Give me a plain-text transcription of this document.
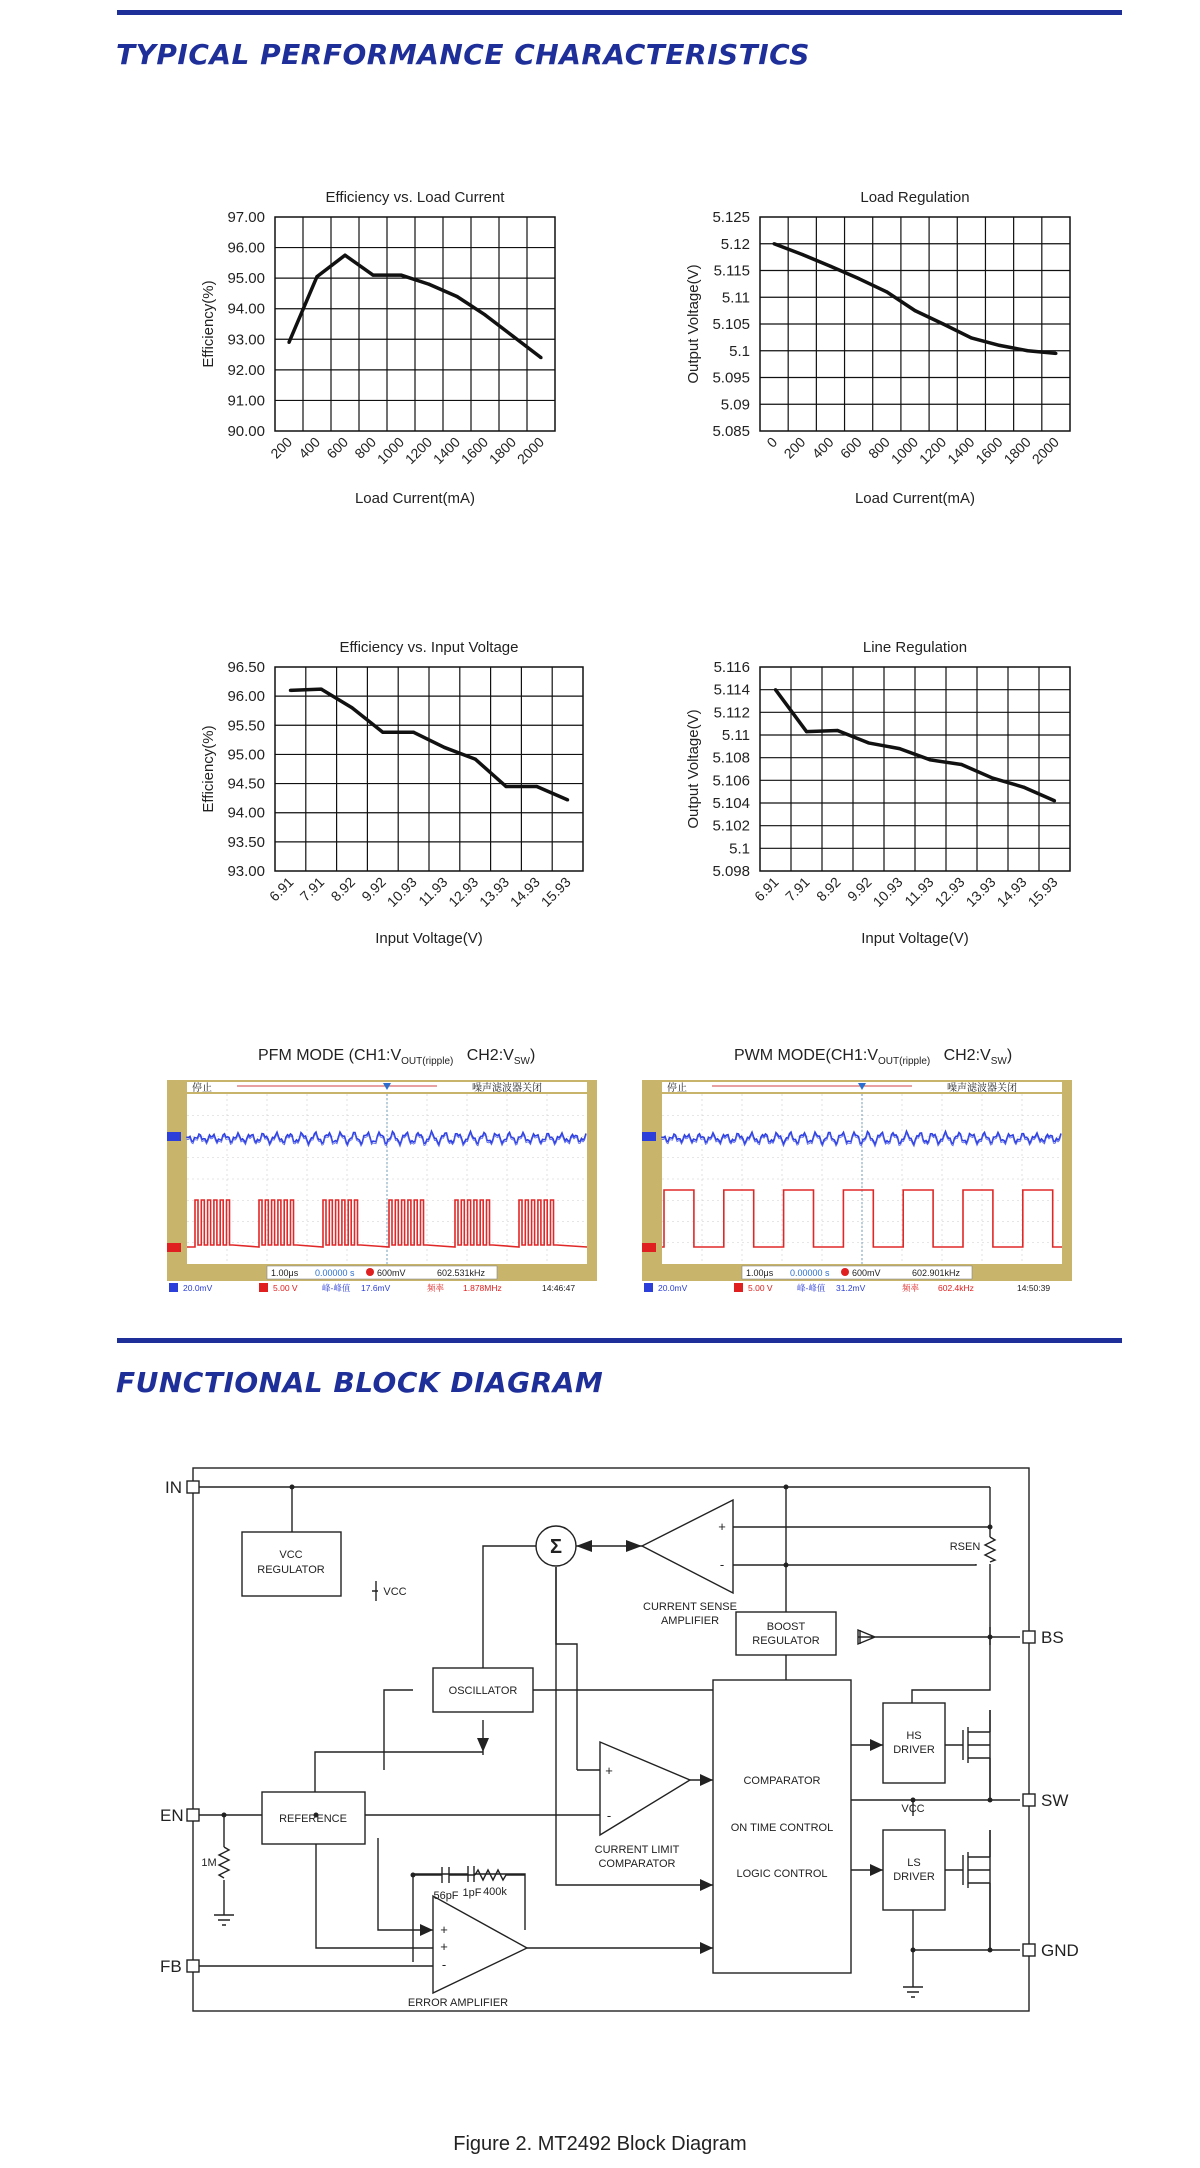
TYPICAL PERFORMANCE CHARACTERISTICS
Efficiency vs. Load Current
97.00
96.00
95.00
94.00
93.00
92.00
91.00
90.00
200 400 600 800
1000
1200
1400
1600
1800
2000
Load Current(mA)
Efficiency(%)
Load Regulation
5.125
5.12
5.115
5.11
5.105
5.1
5.095
5.09
5.085
0 200 400 600 800
1000
1200
1400
1600
1800
2000
Load Current(mA)
Output Voltage(V)
Efficiency vs. Input Voltage
96.50
96.00
95.50
95.00
94.50
94.00
93.50
93.00
6.91 7.91 8.92 9.92
10.93
11.93
12.93
13.93
14.93
15.93
Input Voltage(V)
Efficiency(%)
Line Regulation
5.116
5.114
5.112
5.11
5.108
5.106
5.104
5.102
5.1
5.098
6.91 7.91 8.92 9.92
10.93
11.93
12.93
13.93
14.93
15.93
Input Voltage(V)
Output Voltage(V)
PFM MODE ($CH1:V_{OUT(ripple)}$   $CH2:V_{SW}$)	PWM $MODE(CH1:V_{OUT(ripple)}$   $CH2:V_{SW}$)
停止	噪声滤波器关闭
1.00μs 0.00000 s 600mV	602.531kHz
20.0mV	5.00 V	峰-峰值 17.6mV	频率 1.878MHz	14:46:47
停止	噪声滤波器关闭
1.00μs 0.00000 s 600mV	602.901kHz
20.0mV	5.00 V	峰-峰值 31.2mV	频率 602.4kHz	14:50:39
FUNCTIONAL BLOCK DIAGRAM
IN
EN
FB
BS
SW
GND
VCC
REGULATOR
VCC
CURRENT SENSE
AMPLIFIER
RSEN
BOOST
REGULATOR
OSCILLATOR
HS
DRIVER
LS
DRIVER
REFERENCE
CURRENT LIMIT
COMPARATOR
COMPARATOR
ON TIME CONTROL
LOGIC CONTROL
VCC
1pF
56pF 400k
1M
ERROR AMPLIFIER
Σ
+
-
+
-
+
+
-
Figure 2. MT2492 Block Diagram
